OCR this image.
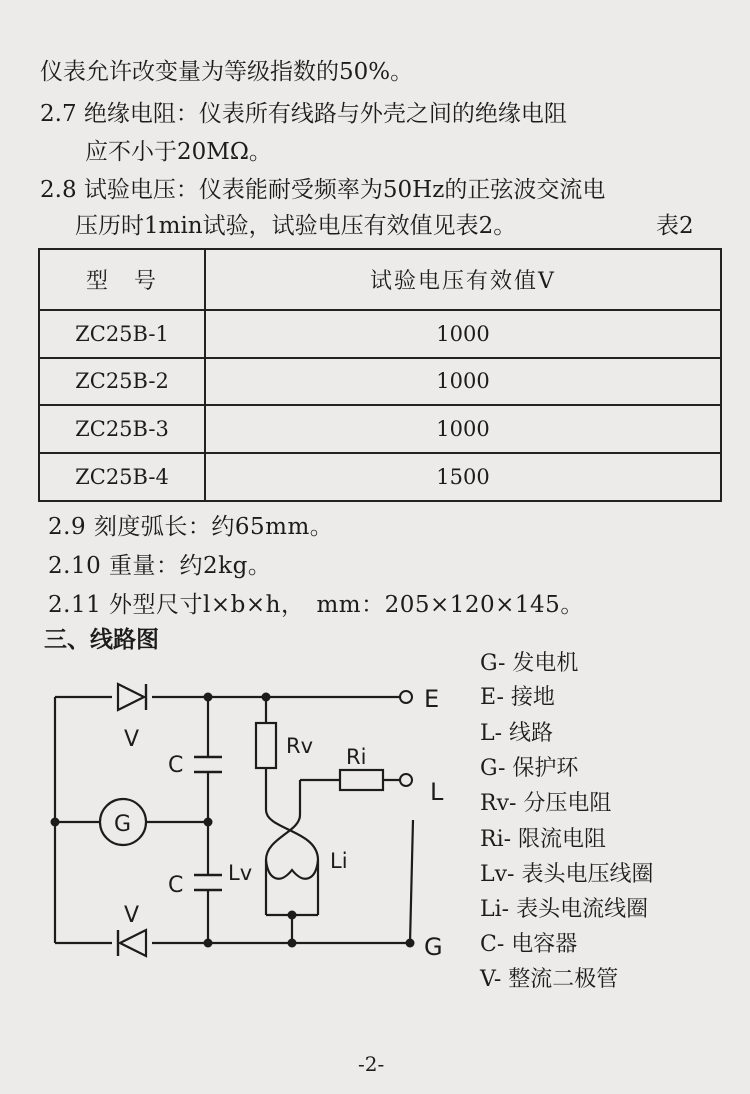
仪表允许改变量为等级指数的50%。
2.7 绝缘电阻：仪表所有线路与外壳之间的绝缘电阻
应不小于20MΩ。
2.8 试验电压：仪表能耐受频率为50Hz的正弦波交流电
压历时1min试验，试验电压有效值见表2。	表2
型　号	试验电压有效值V
ZC25B-1	1000
ZC25B-2	1000
ZC25B-3	1000
ZC25B-4	1500
2.9 刻度弧长：约65mm。
2.10 重量：约2kg。
2.11 外型尺寸l×b×h，　mm：205×120×145。
三、线路图
E
L
G
G
V
V
C
C
Rv Ri
Lv	Li
G- 发电机
E- 接地
L- 线路
G- 保护环
Rv- 分压电阻
Ri- 限流电阻
Lv- 表头电压线圈
Li- 表头电流线圈
C- 电容器
V- 整流二极管
-2-
